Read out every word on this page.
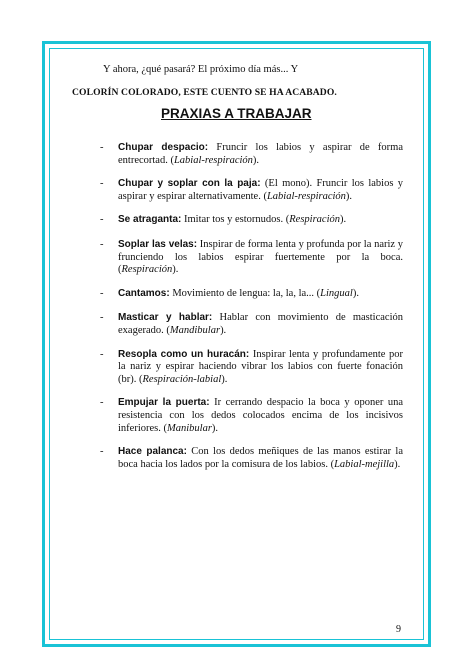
Y ahora, ¿qué pasará? El próximo día más... Y
COLORÍN COLORADO, ESTE CUENTO SE HA ACABADO.
PRAXIAS A TRABAJAR
- Chupar despacio: Fruncir los labios y aspirar de forma entrecortad. (Labial-respiración).
- Chupar y soplar con la paja: (El mono). Fruncir los labios y aspirar y espirar alternativamente. (Labial-respiración).
- Se atraganta: Imitar tos y estornudos. (Respiración).
- Soplar las velas: Inspirar de forma lenta y profunda por la nariz y frunciendo los labios espirar fuertemente por la boca. (Respiración).
- Cantamos: Movimiento de lengua: la, la, la... (Lingual).
- Masticar y hablar: Hablar con movimiento de masticación exagerado. (Mandibular).
- Resopla como un huracán: Inspirar lenta y profundamente por la nariz y espirar haciendo vibrar los labios con fuerte fonación (br). (Respiración-labial).
- Empujar la puerta: Ir cerrando despacio la boca y oponer una resistencia con los dedos colocados encima de los incisivos inferiores. (Manibular).
- Hace palanca: Con los dedos meñiques de las manos estirar la boca hacia los lados por la comisura de los labios. (Labial-mejilla).
9
